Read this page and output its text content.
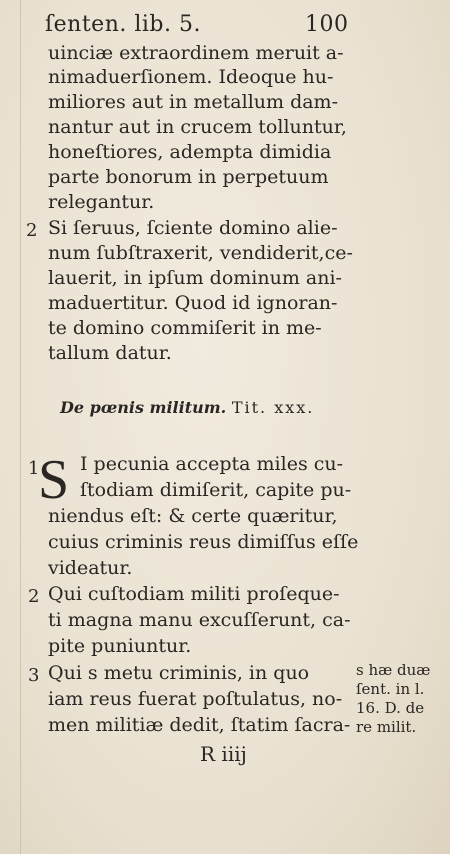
ſenten. lib. 5.	100
uinciæ extraordinem meruit a-
nimaduerſionem. Ideoque hu-
miliores aut in metallum dam-
nantur aut in crucem tolluntur,
honeſtiores, adempta dimidia
parte bonorum in perpetuum
relegantur.
2 Si ſeruus, ſciente domino alie-
num ſubſtraxerit, vendiderit,ce-
lauerit, in ipſum dominum ani-
maduertitur. Quod id ignoran-
te domino commiſerit in me-
tallum datur.
De pœnis militum. Tit. xxx.
1
S I pecunia accepta miles cu-
ſtodiam dimiſerit, capite pu-
niendus eſt: & certe quæritur,
cuius criminis reus dimiſſus eſſe
videatur.
2 Qui cuſtodiam militi proſeque-
ti magna manu excuſſerunt, ca-
pite puniuntur.
3 Qui s metu criminis, in quo
iam reus fuerat poſtulatus, no-
men militiæ dedit, ſtatim ſacra-
s hæ duæ
ſent. in l.
16. D. de
re milit.
R iiij
